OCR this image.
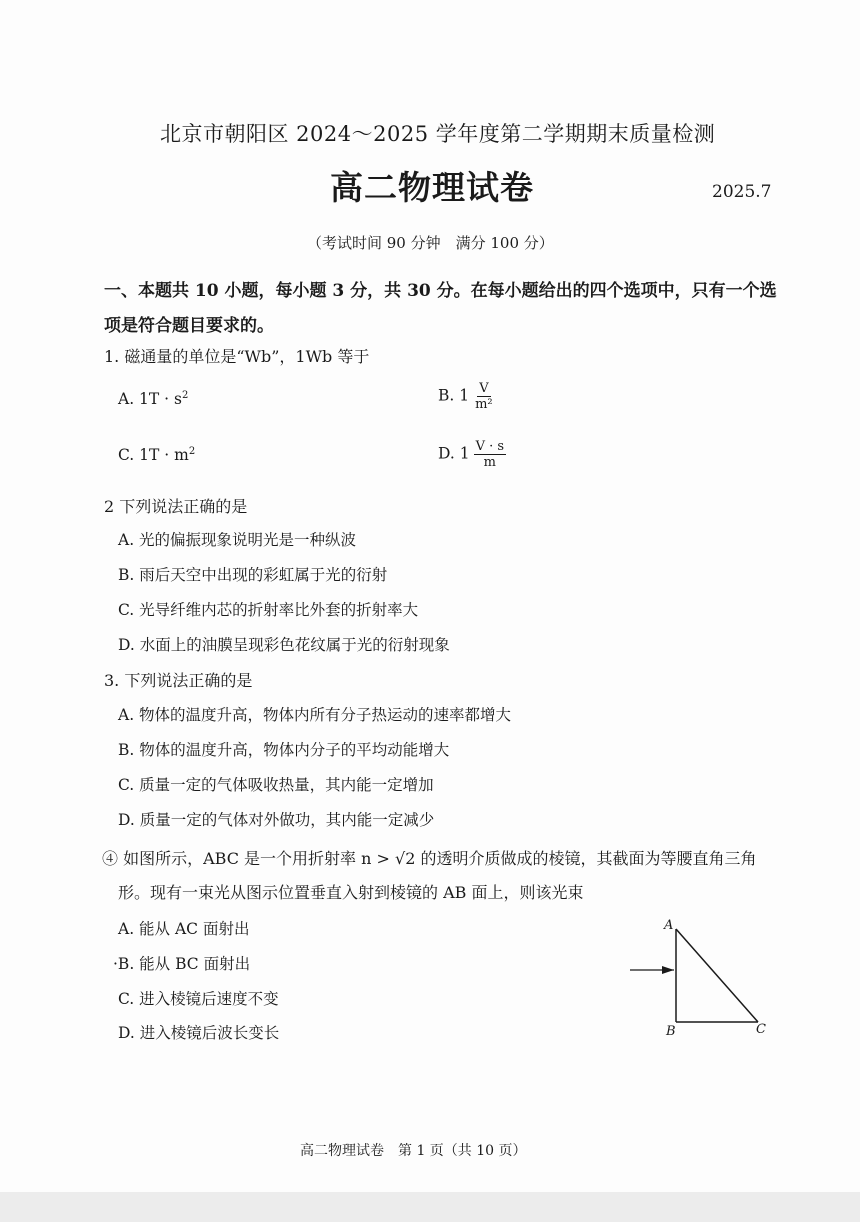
北京市朝阳区 2024～2025 学年度第二学期期末质量检测
高二物理试卷	2025.7
（考试时间 90 分钟　满分 100 分）
一、本题共 10 小题，每小题 3 分，共 30 分。在每小题给出的四个选项中，只有一个选项是符合题目要求的。
1. 磁通量的单位是“Wb”，1Wb 等于
A. $1T \cdot s^2$	B. $1 \frac{V}{\text{m²}}$
C. $1T \cdot m^2$	D. $1 \frac{V \cdot s}{m}$
2 下列说法正确的是
A. 光的偏振现象说明光是一种纵波
B. 雨后天空中出现的彩虹属于光的衍射
C. 光导纤维内芯的折射率比外套的折射率大
D. 水面上的油膜呈现彩色花纹属于光的衍射现象
3. 下列说法正确的是
A. 物体的温度升高，物体内所有分子热运动的速率都增大
B. 物体的温度升高，物体内分子的平均动能增大
C. 质量一定的气体吸收热量，其内能一定增加
D. 质量一定的气体对外做功，其内能一定减少
④ 如图所示，ABC 是一个用折射率 n > √2 的透明介质做成的棱镜，其截面为等腰直角三角
形。现有一束光从图示位置垂直入射到棱镜的 AB 面上，则该光束
A. 能从 AC 面射出
·B. 能从 BC 面射出
C. 进入棱镜后速度不变
D. 进入棱镜后波长变长
A
B	C
高二物理试卷　第 1 页（共 10 页）
